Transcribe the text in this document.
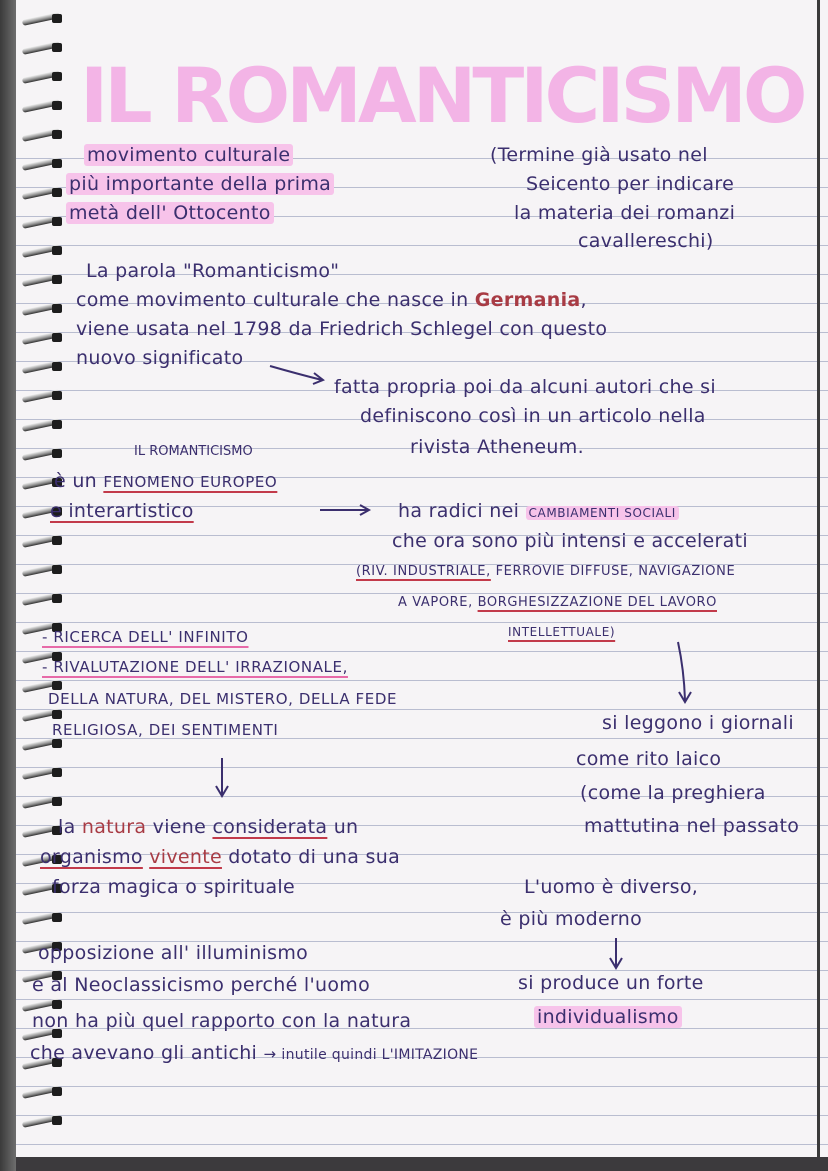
IL ROMANTICISMO
movimento culturale
più importante della prima
metà dell' Ottocento
(Termine già usato nel
Seicento per indicare
la materia dei romanzi
cavallereschi)
La parola "Romanticismo"
come movimento culturale che nasce in Germania,
viene usata nel 1798 da Friedrich Schlegel con questo
nuovo significato
fatta propria poi da alcuni autori che si
definiscono così in un articolo nella
rivista Atheneum.
IL ROMANTICISMO
è un FENOMENO EUROPEO
e interartistico	ha radici nei CAMBIAMENTI SOCIALI
che ora sono più intensi e accelerati
(RIV. INDUSTRIALE, FERROVIE DIFFUSE, NAVIGAZIONE
A VAPORE, BORGHESIZZAZIONE DEL LAVORO
INTELLETTUALE)
- RICERCA DELL' INFINITO
- RIVALUTAZIONE DELL' IRRAZIONALE,
DELLA NATURA, DEL MISTERO, DELLA FEDE
RELIGIOSA, DEI SENTIMENTI	si leggono i giornali
come rito laico
(come la preghiera
mattutina nel passato
la natura viene considerata un
organismo vivente dotato di una sua
forza magica o spirituale	L'uomo è diverso,
è più moderno
opposizione all' illuminismo
e al Neoclassicismo perché l'uomo
non ha più quel rapporto con la natura
che avevano gli antichi → inutile quindi L'IMITAZIONE
si produce un forte
individualismo
